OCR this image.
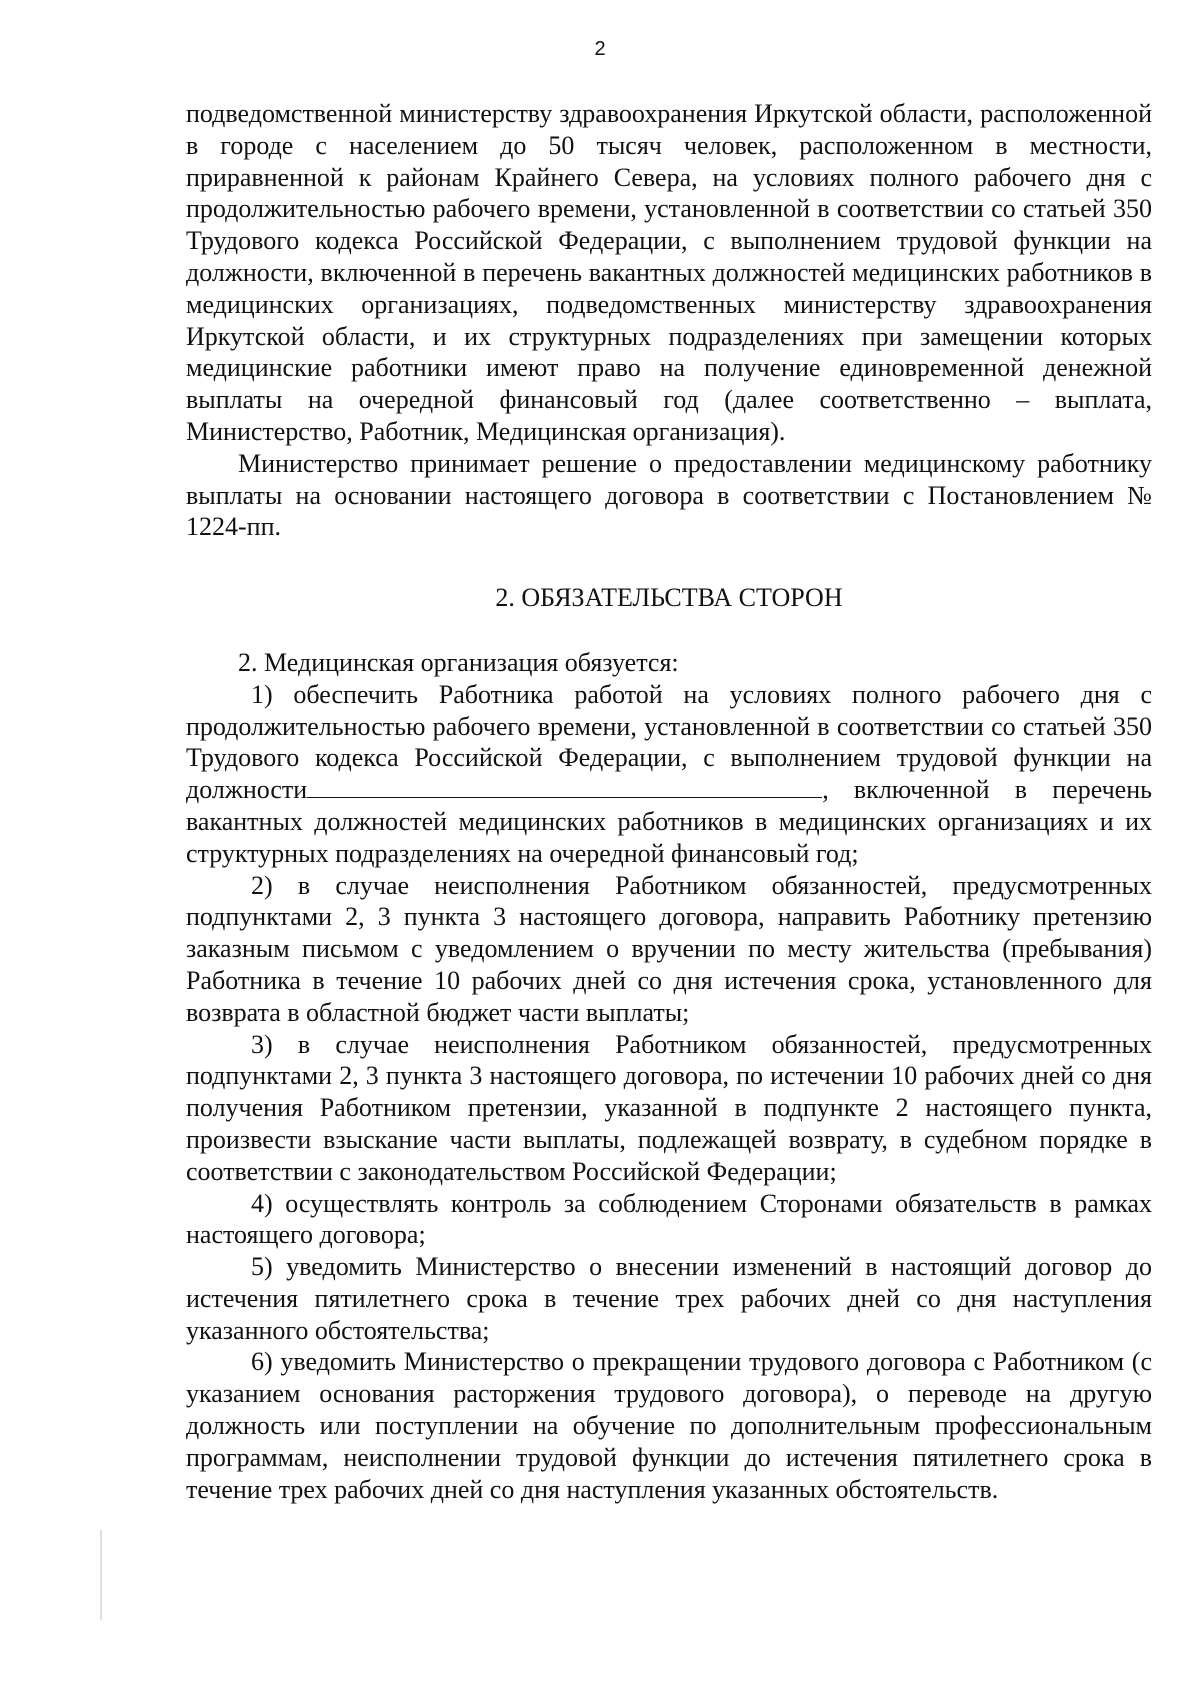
2

подведомственной министерству здравоохранения Иркутской области, расположенной в городе с населением до 50 тысяч человек, расположенном в местности, приравненной к районам Крайнего Севера, на условиях полного рабочего дня с продолжительностью рабочего времени, установленной в соответствии со статьей 350 Трудового кодекса Российской Федерации, с выполнением трудовой функции на должности, включенной в перечень вакантных должностей медицинских работников в медицинских организациях, подведомственных министерству здравоохранения Иркутской области, и их структурных подразделениях при замещении которых медицинские работники имеют право на получение единовременной денежной выплаты на очередной финансовый год (далее соответственно – выплата, Министерство, Работник, Медицинская организация).

Министерство принимает решение о предоставлении медицинскому работнику выплаты на основании настоящего договора в соответствии с Постановлением № 1224-пп.

2. ОБЯЗАТЕЛЬСТВА СТОРОН

2. Медицинская организация обязуется:

1) обеспечить Работника работой на условиях полного рабочего дня с продолжительностью рабочего времени, установленной в соответствии со статьей 350 Трудового кодекса Российской Федерации, с выполнением трудовой функции на должности	, включенной в перечень вакантных должностей медицинских работников в медицинских организациях и их структурных подразделениях на очередной финансовый год;

2) в случае неисполнения Работником обязанностей, предусмотренных подпунктами 2, 3 пункта 3 настоящего договора, направить Работнику претензию заказным письмом с уведомлением о вручении по месту жительства (пребывания) Работника в течение 10 рабочих дней со дня истечения срока, установленного для возврата в областной бюджет части выплаты;

3) в случае неисполнения Работником обязанностей, предусмотренных подпунктами 2, 3 пункта 3 настоящего договора, по истечении 10 рабочих дней со дня получения Работником претензии, указанной в подпункте 2 настоящего пункта, произвести взыскание части выплаты, подлежащей возврату, в судебном порядке в соответствии с законодательством Российской Федерации;

4) осуществлять контроль за соблюдением Сторонами обязательств в рамках настоящего договора;

5) уведомить Министерство о внесении изменений в настоящий договор до истечения пятилетнего срока в течение трех рабочих дней со дня наступления указанного обстоятельства;

6) уведомить Министерство о прекращении трудового договора с Работником (с указанием основания расторжения трудового договора), о переводе на другую должность или поступлении на обучение по дополнительным профессиональным программам, неисполнении трудовой функции до истечения пятилетнего срока в течение трех рабочих дней со дня наступления указанных обстоятельств.
